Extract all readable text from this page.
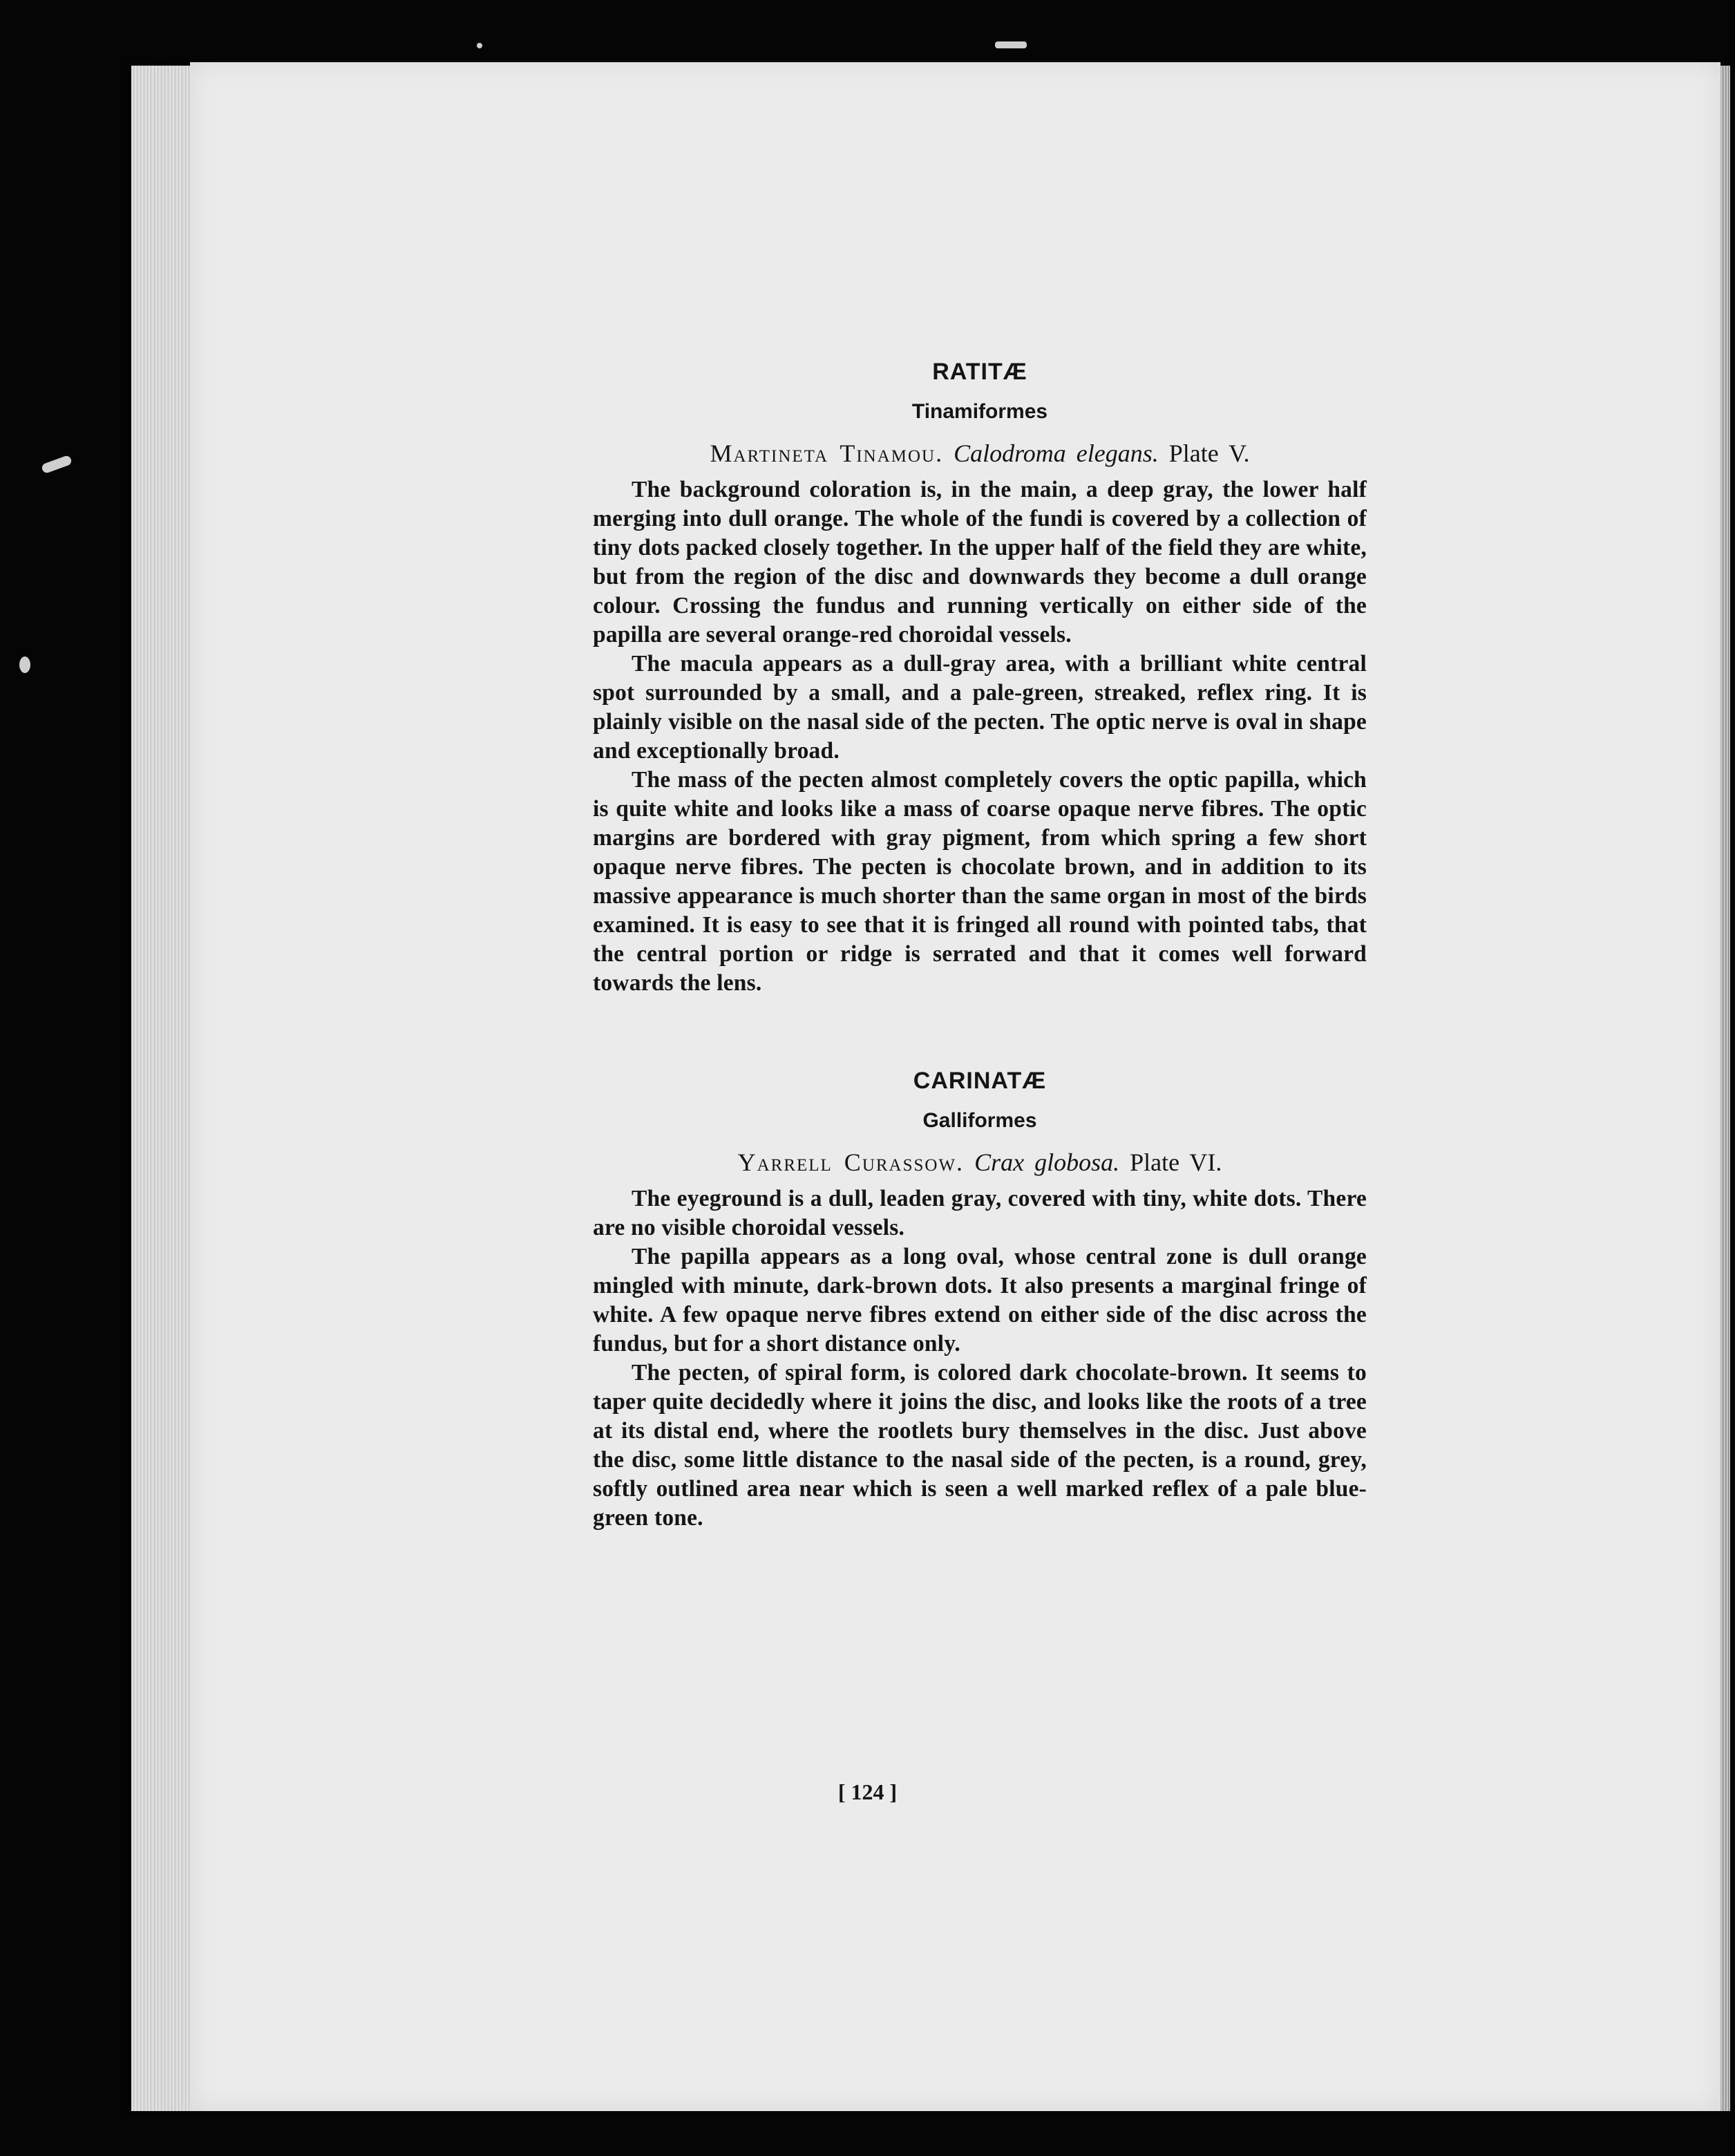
RATITÆ
Tinamiformes

Martineta Tinamou. Calodroma elegans. Plate V.

The background coloration is, in the main, a deep gray, the lower half merging into dull orange. The whole of the fundi is covered by a collection of tiny dots packed closely together. In the upper half of the field they are white, but from the region of the disc and downwards they become a dull orange colour. Crossing the fundus and running vertically on either side of the papilla are several orange-red choroidal vessels.

The macula appears as a dull-gray area, with a brilliant white central spot surrounded by a small, and a pale-green, streaked, reflex ring. It is plainly visible on the nasal side of the pecten. The optic nerve is oval in shape and exceptionally broad.

The mass of the pecten almost completely covers the optic papilla, which is quite white and looks like a mass of coarse opaque nerve fibres. The optic margins are bordered with gray pigment, from which spring a few short opaque nerve fibres. The pecten is chocolate brown, and in addition to its massive appearance is much shorter than the same organ in most of the birds examined. It is easy to see that it is fringed all round with pointed tabs, that the central portion or ridge is serrated and that it comes well forward towards the lens.

CARINATÆ
Galliformes

Yarrell Curassow. Crax globosa. Plate VI.

The eyeground is a dull, leaden gray, covered with tiny, white dots. There are no visible choroidal vessels.

The papilla appears as a long oval, whose central zone is dull orange mingled with minute, dark-brown dots. It also presents a marginal fringe of white. A few opaque nerve fibres extend on either side of the disc across the fundus, but for a short distance only.

The pecten, of spiral form, is colored dark chocolate-brown. It seems to taper quite decidedly where it joins the disc, and looks like the roots of a tree at its distal end, where the rootlets bury themselves in the disc. Just above the disc, some little distance to the nasal side of the pecten, is a round, grey, softly outlined area near which is seen a well marked reflex of a pale blue-green tone.

[ 124 ]
